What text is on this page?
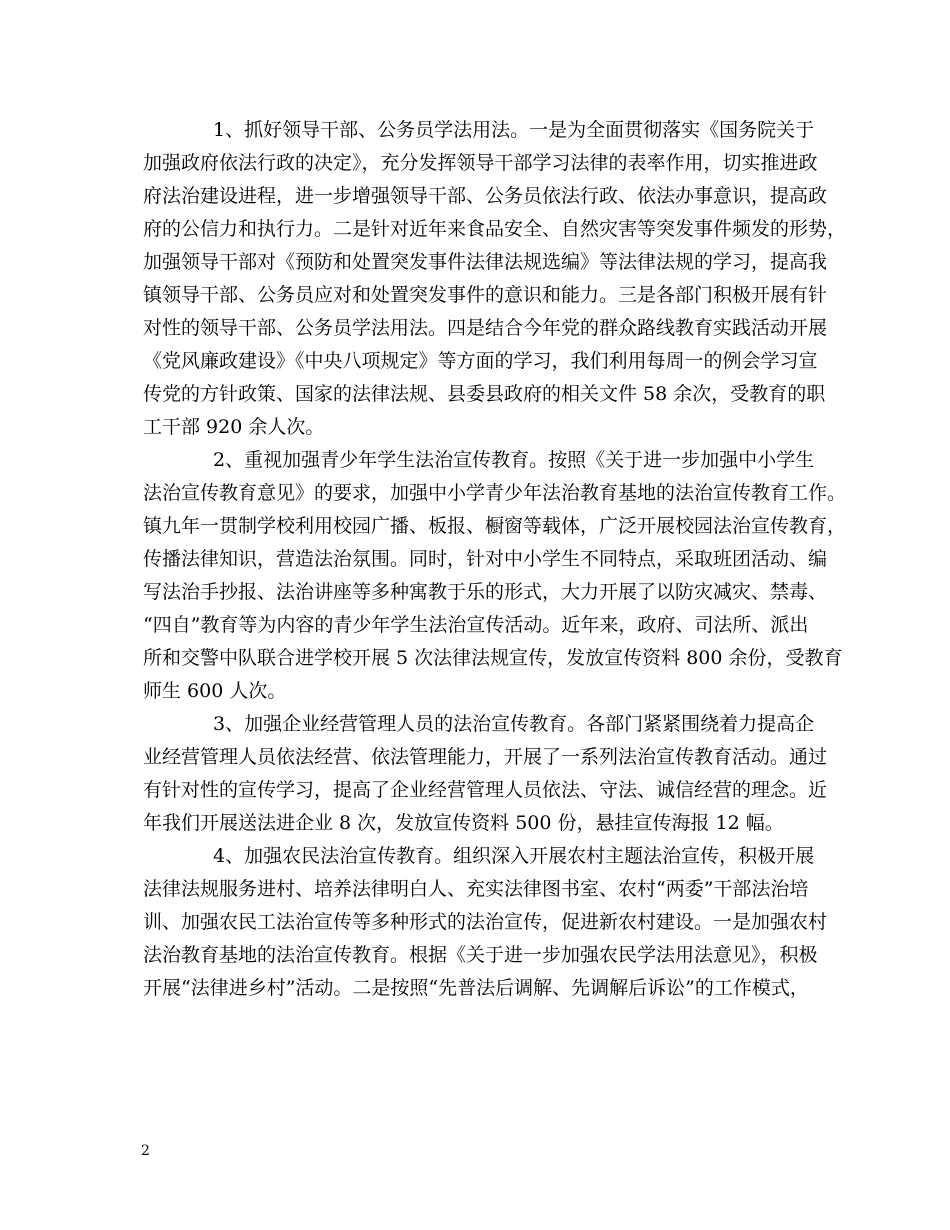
1、抓好领导干部、公务员学法用法。一是为全面贯彻落实《国务院关于
加强政府依法行政的决定》，充分发挥领导干部学习法律的表率作用，切实推进政
府法治建设进程，进一步增强领导干部、公务员依法行政、依法办事意识，提高政
府的公信力和执行力。二是针对近年来食品安全、自然灾害等突发事件频发的形势，
加强领导干部对《预防和处置突发事件法律法规选编》等法律法规的学习，提高我
镇领导干部、公务员应对和处置突发事件的意识和能力。三是各部门积极开展有针
对性的领导干部、公务员学法用法。四是结合今年党的群众路线教育实践活动开展
《党风廉政建设》《中央八项规定》等方面的学习，我们利用每周一的例会学习宣
传党的方针政策、国家的法律法规、县委县政府的相关文件 58 余次，受教育的职
工干部 920 余人次。
2、重视加强青少年学生法治宣传教育。按照《关于进一步加强中小学生
法治宣传教育意见》的要求，加强中小学青少年法治教育基地的法治宣传教育工作。
镇九年一贯制学校利用校园广播、板报、橱窗等载体，广泛开展校园法治宣传教育，
传播法律知识，营造法治氛围。同时，针对中小学生不同特点，采取班团活动、编
写法治手抄报、法治讲座等多种寓教于乐的形式，大力开展了以防灾减灾、禁毒、
“四自”教育等为内容的青少年学生法治宣传活动。近年来，政府、司法所、派出
所和交警中队联合进学校开展 5 次法律法规宣传，发放宣传资料 800 余份，受教育
师生 600 人次。
3、加强企业经营管理人员的法治宣传教育。各部门紧紧围绕着力提高企
业经营管理人员依法经营、依法管理能力，开展了一系列法治宣传教育活动。通过
有针对性的宣传学习，提高了企业经营管理人员依法、守法、诚信经营的理念。近
年我们开展送法进企业 8 次，发放宣传资料 500 份，悬挂宣传海报 12 幅。
4、加强农民法治宣传教育。组织深入开展农村主题法治宣传，积极开展
法律法规服务进村、培养法律明白人、充实法律图书室、农村“两委”干部法治培
训、加强农民工法治宣传等多种形式的法治宣传，促进新农村建设。一是加强农村
法治教育基地的法治宣传教育。根据《关于进一步加强农民学法用法意见》，积极
开展“法律进乡村”活动。二是按照“先普法后调解、先调解后诉讼”的工作模式，
2
